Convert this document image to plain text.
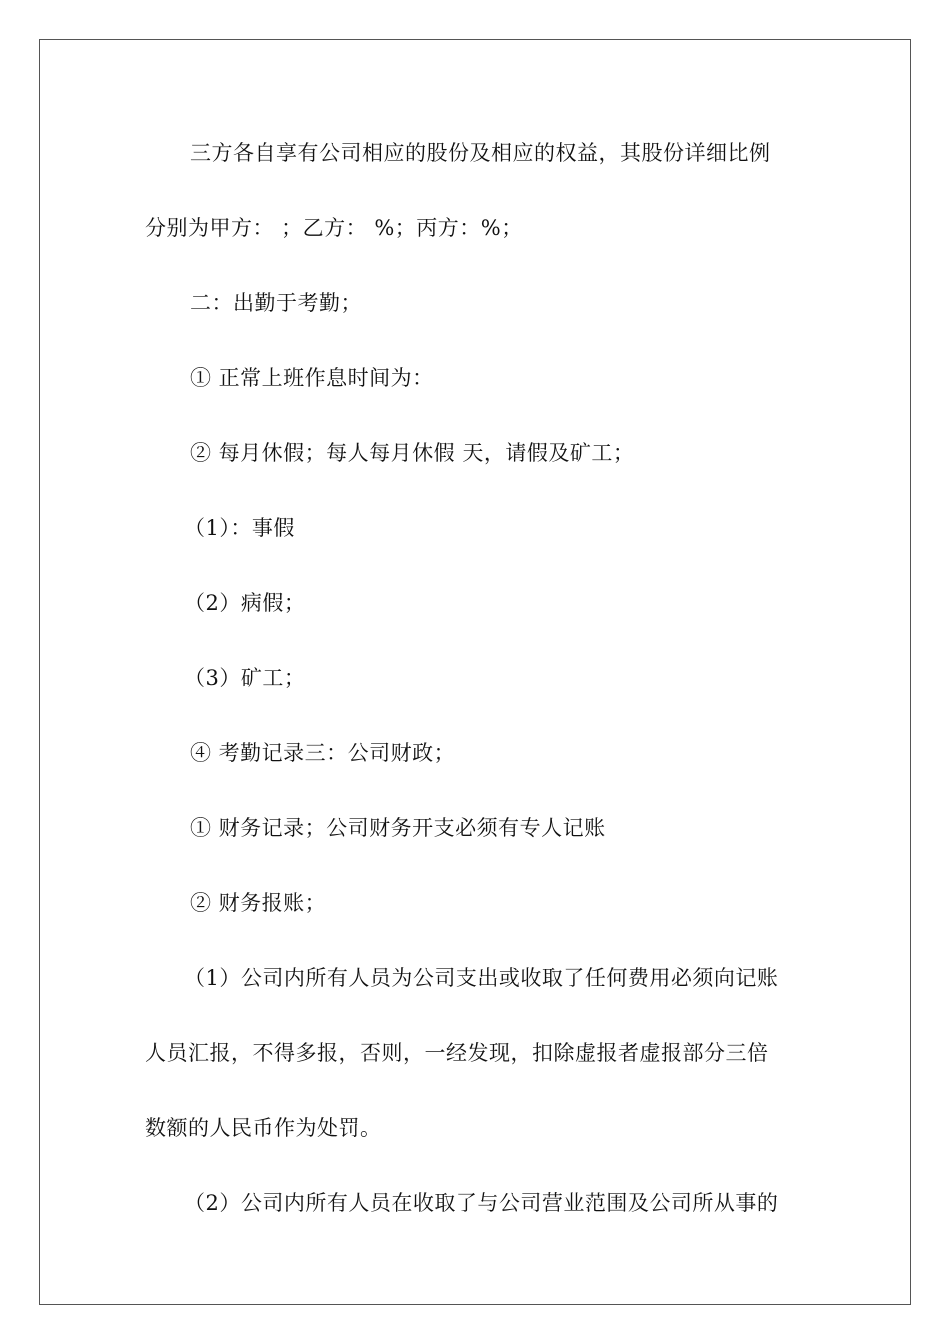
三方各自享有公司相应的股份及相应的权益，其股份详细比例
分别为甲方： ；乙方： %；丙方：%；
二：出勤于考勤；
① 正常上班作息时间为：
② 每月休假；每人每月休假 天，请假及矿工；
（1）：事假
（2）病假；
（3）矿工；
④ 考勤记录三：公司财政；
① 财务记录；公司财务开支必须有专人记账
② 财务报账；
（1）公司内所有人员为公司支出或收取了任何费用必须向记账
人员汇报，不得多报，否则，一经发现，扣除虚报者虚报部分三倍
数额的人民币作为处罚。
（2）公司内所有人员在收取了与公司营业范围及公司所从事的
